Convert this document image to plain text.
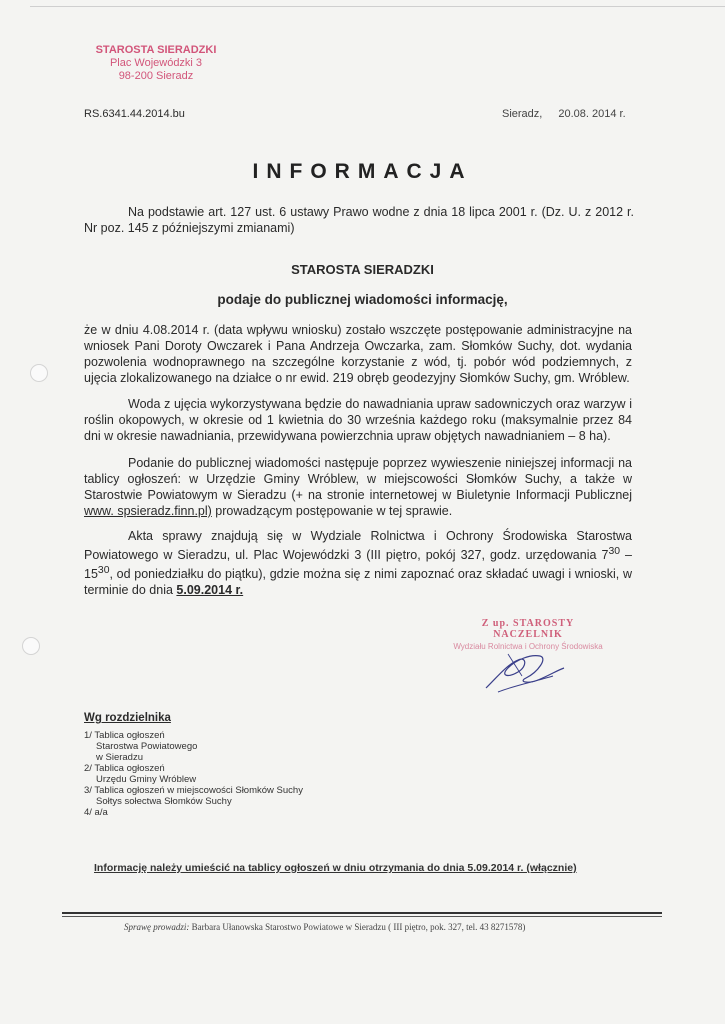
STAROSTA SIERADZKI
Plac Wojewódzki 3
98-200 Sieradz
RS.6341.44.2014.bu	Sieradz, 20.08. 2014 r.
INFORMACJA
Na podstawie art. 127 ust. 6 ustawy Prawo wodne z dnia 18 lipca 2001 r. (Dz. U. z 2012 r. Nr poz. 145 z późniejszymi zmianami)
STAROSTA SIERADZKI
podaje do publicznej wiadomości informację,
że w dniu 4.08.2014 r. (data wpływu wniosku) zostało wszczęte postępowanie administracyjne na wniosek Pani Doroty Owczarek i Pana Andrzeja Owczarka, zam. Słomków Suchy, dot. wydania pozwolenia wodnoprawnego na szczególne korzystanie z wód, tj. pobór wód podziemnych, z ujęcia zlokalizowanego na działce o nr ewid. 219 obręb geodezyjny Słomków Suchy, gm. Wróblew.
Woda z ujęcia wykorzystywana będzie do nawadniania upraw sadowniczych oraz warzyw i roślin okopowych, w okresie od 1 kwietnia do 30 września każdego roku (maksymalnie przez 84 dni w okresie nawadniania, przewidywana powierzchnia upraw objętych nawadnianiem – 8 ha).
Podanie do publicznej wiadomości następuje poprzez wywieszenie niniejszej informacji na tablicy ogłoszeń: w Urzędzie Gminy Wróblew, w miejscowości Słomków Suchy, a także w Starostwie Powiatowym w Sieradzu (+ na stronie internetowej w Biuletynie Informacji Publicznej www. spsieradz.finn.pl) prowadzącym postępowanie w tej sprawie.
Akta sprawy znajdują się w Wydziale Rolnictwa i Ochrony Środowiska Starostwa Powiatowego w Sieradzu, ul. Plac Wojewódzki 3 (III piętro, pokój 327, godz. urzędowania $7^{30} - 15^{30}$, od poniedziałku do piątku), gdzie można się z nimi zapoznać oraz składać uwagi i wnioski, w terminie do dnia 5.09.2014 r.
Z up. STAROSTY
NACZELNIK
Wydziału Rolnictwa i Ochrony Środowiska
Wg rozdzielnika
1/ Tablica ogłoszeń
Starostwa Powiatowego
w Sieradzu
2/ Tablica ogłoszeń
Urzędu Gminy Wróblew
3/ Tablica ogłoszeń w miejscowości Słomków Suchy
Sołtys sołectwa Słomków Suchy
4/ a/a
Informację należy umieścić na tablicy ogłoszeń w dniu otrzymania do dnia 5.09.2014 r. (włącznie)
Sprawę prowadzi: Barbara Ułanowska Starostwo Powiatowe w Sieradzu ( III piętro, pok. 327, tel. 43 8271578)
